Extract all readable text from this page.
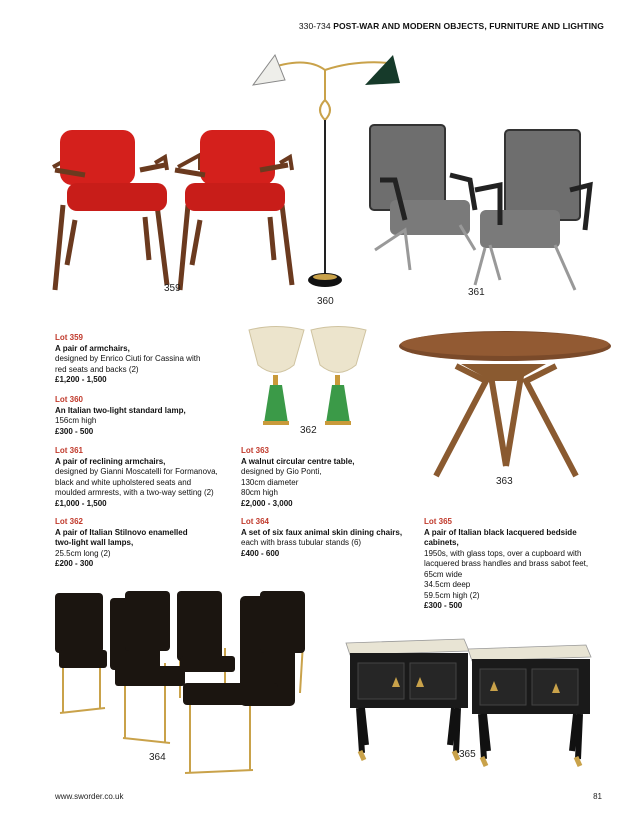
330-734 POST-WAR AND MODERN OBJECTS, FURNITURE AND LIGHTING
359
360
361
Lot 359
A pair of armchairs,
designed by Enrico Ciuti for Cassina with
red seats and backs (2)
£1,200 - 1,500
Lot 360
An Italian two-light standard lamp,
156cm high
£300 - 500
Lot 361
A pair of reclining armchairs,
designed by Gianni Moscatelli for Formanova,
black and white upholstered seats and
moulded armrests, with a two-way setting (2)
£1,000 - 1,500
Lot 362
A pair of Italian Stilnovo enamelled
two-light wall lamps,
25.5cm long (2)
£200 - 300
362
363
Lot 363
A walnut circular centre table,
designed by Gio Ponti,
130cm diameter
80cm high
£2,000 - 3,000
Lot 364
A set of six faux animal skin dining chairs,
each with brass tubular stands (6)
£400 - 600
Lot 365
A pair of Italian black lacquered bedside
cabinets,
1950s, with glass tops, over a cupboard with
lacquered brass handles and brass sabot feet,
65cm wide
34.5cm deep
59.5cm high (2)
£300 - 500
364	365
www.sworder.co.uk	81
